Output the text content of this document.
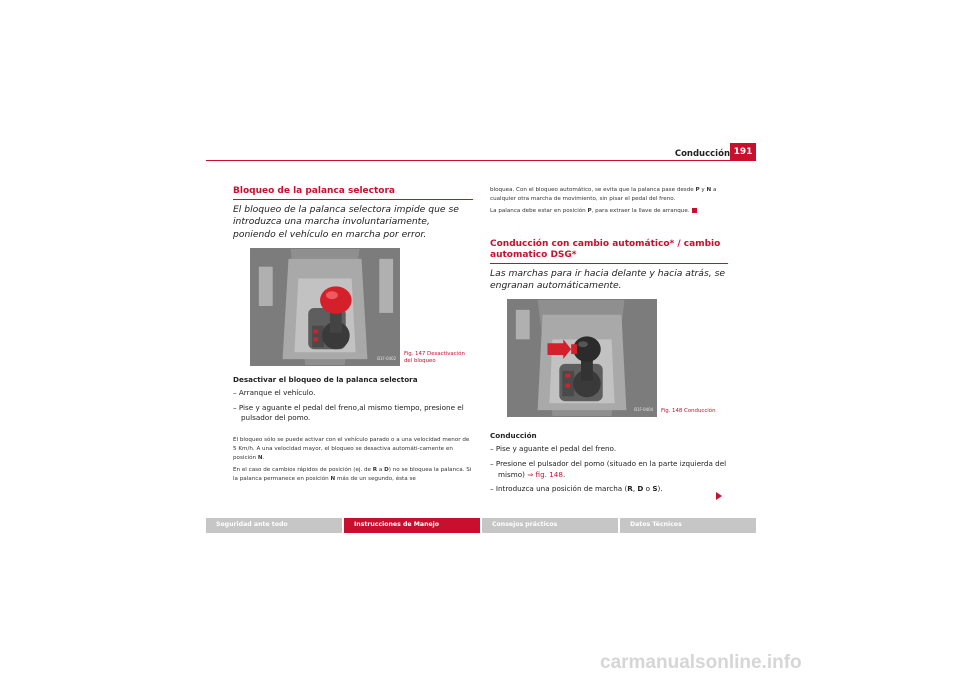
Conducción 191
Bloqueo de la palanca selectora
El bloqueo de la palanca selectora impide que se introduzca una marcha involuntariamente, poniendo el vehículo en marcha por error.
B1F-0402
Fig. 147 Desactivación
del bloqueo
Desactivar el bloqueo de la palanca selectora
– Arranque el vehículo.
– Pise y aguante el pedal del freno,al mismo tiempo, presione el pulsador del pomo.
El bloqueo sólo se puede activar con el vehículo parado o a una velocidad menor de 5 Km/h. A una velocidad mayor, el bloqueo se desactiva automáti-camente en posición N.
En el caso de cambios rápidos de posición (ej. de R a D) no se bloquea la palanca. Si la palanca permanece en posición N más de un segundo, ésta se
bloquea. Con el bloqueo automático, se evita que la palanca pase desde P y N a cualquier otra marcha de movimiento, sin pisar el pedal del freno.
La palanca debe estar en posición P, para extraer la llave de arranque.
Conducción con cambio automático* / cambio automatico DSG*
Las marchas para ir hacia delante y hacia atrás, se engranan automáticamente.
B1F-0404 Fig. 148 Conducción
Conducción
– Pise y aguante el pedal del freno.
– Presione el pulsador del pomo (situado en la parte izquierda del mismo) ⇒ fig. 148.
– Introduzca una posición de marcha (R, D o S).
Seguridad ante todo	Instrucciones de Manejo	Consejos prácticos	Datos Técnicos
carmanualsonline.info
